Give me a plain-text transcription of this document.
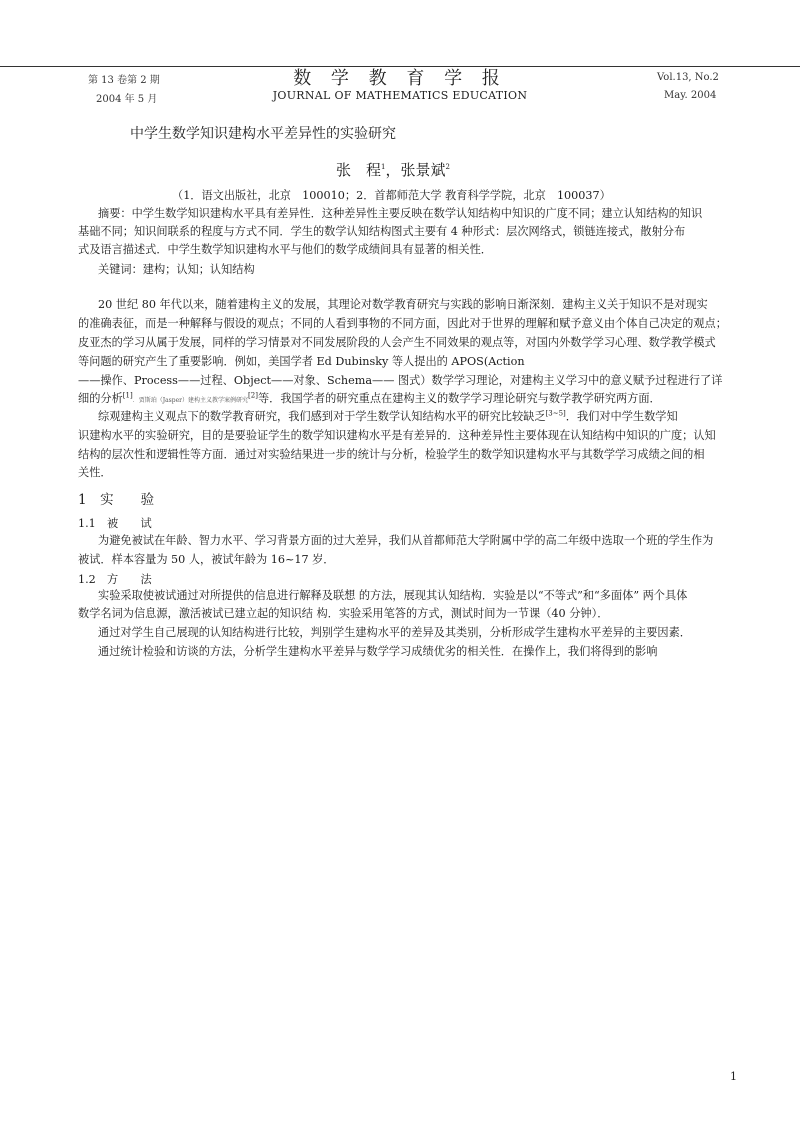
第 13 卷第 2 期
2004 年 5 月
数 学 教 育 学 报
JOURNAL OF MATHEMATICS EDUCATION
Vol.13, No.2
May. 2004
中学生数学知识建构水平差异性的实验研究
张　程$^1$，张景斌$^2$
（1．语文出版社，北京　100010；2．首都师范大学 教育科学学院，北京　100037）
摘要：中学生数学知识建构水平具有差异性．这种差异性主要反映在数学认知结构中知识的广度不同；建立认知结构的知识
基础不同；知识间联系的程度与方式不同．学生的数学认知结构图式主要有 4 种形式：层次网络式，锁链连接式，散射分布
式及语言描述式．中学生数学知识建构水平与他们的数学成绩间具有显著的相关性．
关键词：建构；认知；认知结构
20 世纪 80 年代以来，随着建构主义的发展，其理论对数学教育研究与实践的影响日渐深刻．建构主义关于知识不是对现实
的准确表征，而是一种解释与假设的观点；不同的人看到事物的不同方面，因此对于世界的理解和赋予意义由个体自己决定的观点；
皮亚杰的学习从属于发展，同样的学习情景对不同发展阶段的人会产生不同效果的观点等，对国内外数学学习心理、数学教学模式
等问题的研究产生了重要影响．例如，美国学者 Ed Dubinsky 等人提出的 APOS(Action
——操作、Process——过程、Object——对象、Schema—— 图式）数学学习理论，对建构主义学习中的意义赋予过程进行了详
细的分析[1]．贾斯珀（Jasper）建构主义教学案例研究[2]等．我国学者的研究重点在建构主义的数学学习理论研究与数学教学研究两方面．
综观建构主义观点下的数学教育研究，我们感到对于学生数学认知结构水平的研究比较缺乏[3~5]．我们对中学生数学知
识建构水平的实验研究，目的是要验证学生的数学知识建构水平是有差异的．这种差异性主要体现在认知结构中知识的广度；认知
结构的层次性和逻辑性等方面．通过对实验结果进一步的统计与分析，检验学生的数学知识建构水平与其数学学习成绩之间的相
关性．
1　实　　验
1.1　被　　试
为避免被试在年龄、智力水平、学习背景方面的过大差异，我们从首都师范大学附属中学的高二年级中选取一个班的学生作为
被试．样本容量为 50 人，被试年龄为 16~17 岁．
1.2　方　　法
实验采取使被试通过对所提供的信息进行解释及联想 的方法，展现其认知结构．实验是以“不等式”和“多面体” 两个具体
数学名词为信息源，激活被试已建立起的知识结 构．实验采用笔答的方式，测试时间为一节课（40 分钟）．
通过对学生自己展现的认知结构进行比较，判别学生建构水平的差异及其类别，分析形成学生建构水平差异的主要因素．
通过统计检验和访谈的方法，分析学生建构水平差异与数学学习成绩优劣的相关性．在操作上，我们将得到的影响
1
